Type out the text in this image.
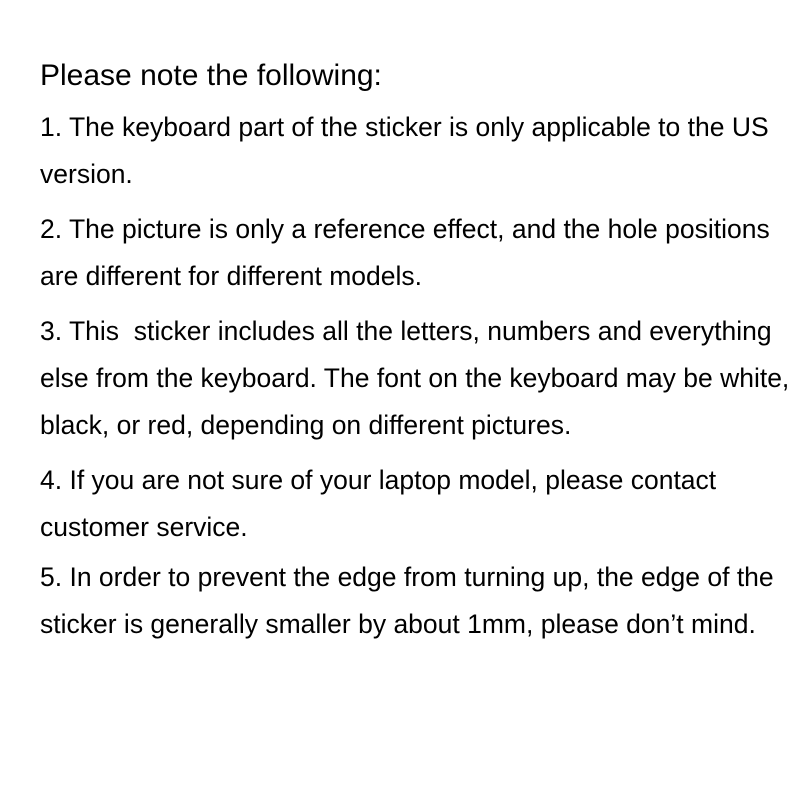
Please note the following:
1. The keyboard part of the sticker is only applicable to the US version.
2. The picture is only a reference effect, and the hole positions are different for different models.
3. This  sticker includes all the letters, numbers and everything else from the keyboard. The font on the keyboard may be white, black, or red, depending on different pictures.
4. If you are not sure of your laptop model, please contact customer service.
5. In order to prevent the edge from turning up, the edge of the sticker is generally smaller by about 1mm, please don’t mind.
